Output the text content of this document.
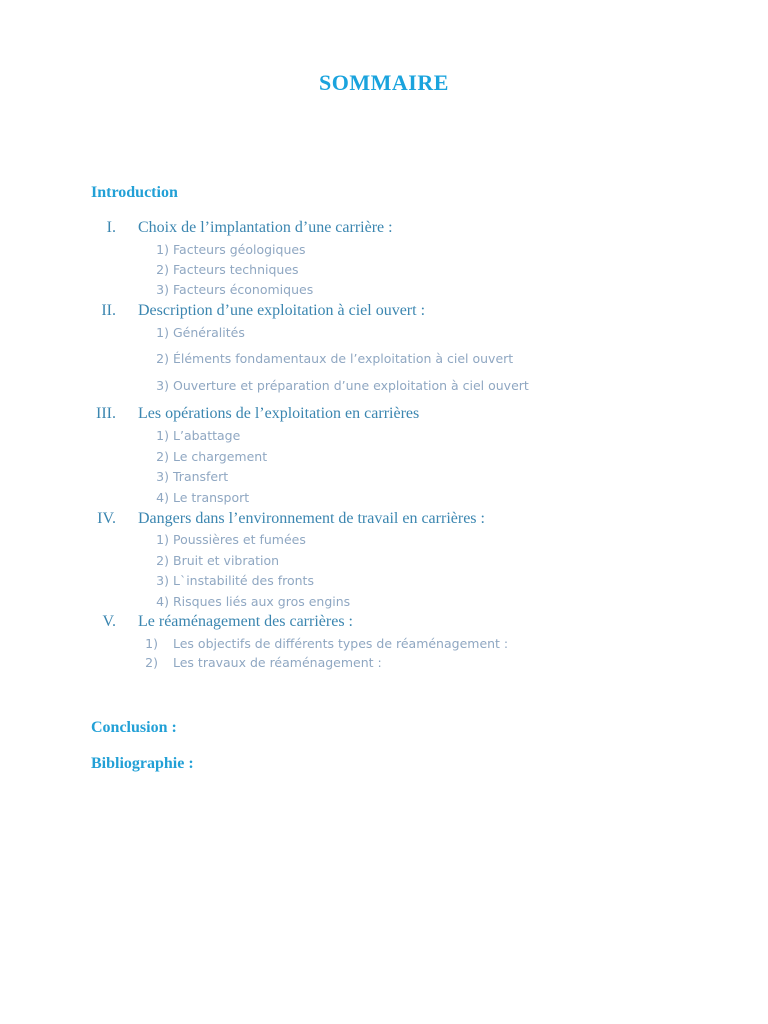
SOMMAIRE
Introduction
I. Choix de l’implantation d’une carrière :
1) Facteurs géologiques
2) Facteurs techniques
3) Facteurs économiques
II. Description d’une exploitation à ciel ouvert :
1) Généralités
2) Éléments fondamentaux de l’exploitation à ciel ouvert
3) Ouverture et préparation d’une exploitation à ciel ouvert
III. Les opérations de l’exploitation en carrières
1) L’abattage
2) Le chargement
3) Transfert
4) Le transport
IV. Dangers dans l’environnement de travail en carrières :
1) Poussières et fumées
2) Bruit et vibration
3) L`instabilité des fronts
4) Risques liés aux gros engins
V. Le réaménagement des carrières :
1) Les objectifs de différents types de réaménagement :
2) Les travaux de réaménagement :
Conclusion :
Bibliographie :
